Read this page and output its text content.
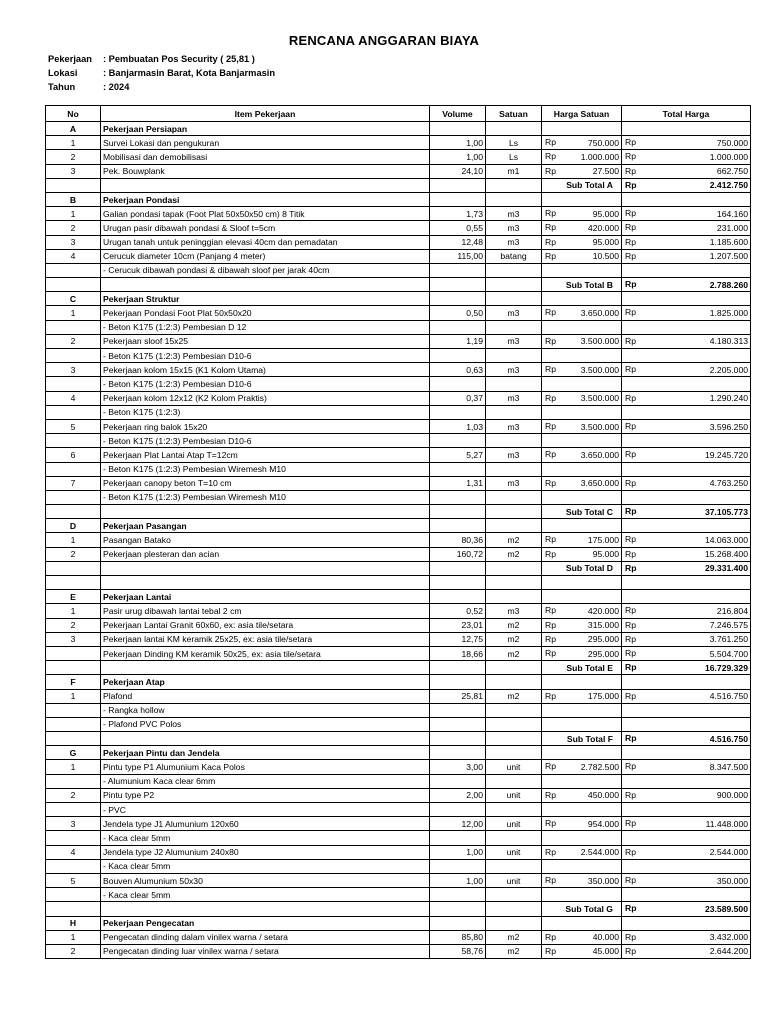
RENCANA ANGGARAN BIAYA
Pekerjaan	: Pembuatan Pos Security ( 25,81 )
Lokasi	: Banjarmasin Barat, Kota Banjarmasin
Tahun	: 2024
No	Item Pekerjaan	Volume	Satuan	Harga Satuan	Total Harga
A	Pekerjaan Persiapan				
1	Survei Lokasi dan pengukuran	1,00	Ls	Rp 750.000	Rp 750.000
2	Mobilisasi dan demobilisasi	1,00	Ls	Rp 1.000.000	Rp 1.000.000
3	Pek. Bouwplank	24,10	m1	Rp 27.500	Rp 662.750
				Sub Total A	Rp 2.412.750
B	Pekerjaan Pondasi				
1	Galian pondasi tapak (Foot Plat 50x50x50 cm) 8 Titik	1,73	m3	Rp 95.000	Rp 164.160
2	Urugan pasir dibawah pondasi & Sloof t=5cm	0,55	m3	Rp 420.000	Rp 231.000
3	Urugan tanah untuk peninggian elevasi 40cm dan pemadatan	12,48	m3	Rp 95.000	Rp 1.185.600
4	Cerucuk diameter 10cm (Panjang 4 meter)	115,00	batang	Rp 10.500	Rp 1.207.500
	- Cerucuk dibawah pondasi & dibawah sloof per jarak 40cm				
				Sub Total B	Rp 2.788.260
C	Pekerjaan Struktur				
1	Pekerjaan Pondasi Foot Plat 50x50x20	0,50	m3	Rp 3.650.000	Rp 1.825.000
	- Beton K175 (1:2:3) Pembesian D 12				
2	Pekerjaan sloof 15x25	1,19	m3	Rp 3.500.000	Rp 4.180.313
	- Beton K175 (1:2:3) Pembesian D10-6				
3	Pekerjaan kolom 15x15 (K1 Kolom Utama)	0,63	m3	Rp 3.500.000	Rp 2.205.000
	- Beton K175 (1:2:3) Pembesian D10-6				
4	Pekerjaan kolom 12x12 (K2 Kolom Praktis)	0,37	m3	Rp 3.500.000	Rp 1.290.240
	- Beton K175 (1:2:3)				
5	Pekerjaan ring balok 15x20	1,03	m3	Rp 3.500.000	Rp 3.596.250
	- Beton K175 (1:2:3) Pembesian D10-6				
6	Pekerjaan Plat Lantai Atap T=12cm	5,27	m3	Rp 3.650.000	Rp 19.245.720
	- Beton K175 (1:2:3) Pembesian Wiremesh M10				
7	Pekerjaan canopy beton T=10 cm	1,31	m3	Rp 3.650.000	Rp 4.763.250
	- Beton K175 (1:2:3) Pembesian Wiremesh M10				
				Sub Total C	Rp 37.105.773
D	Pekerjaan Pasangan				
1	Pasangan Batako	80,36	m2	Rp 175.000	Rp 14.063.000
2	Pekerjaan plesteran dan acian	160,72	m2	Rp 95.000	Rp 15.268.400
				Sub Total D	Rp 29.331.400

E	Pekerjaan Lantai				
1	Pasir urug dibawah lantai tebal 2 cm	0,52	m3	Rp 420.000	Rp 216.804
2	Pekerjaan Lantai Granit 60x60, ex: asia tile/setara	23,01	m2	Rp 315.000	Rp 7.246.575
3	Pekerjaan lantai KM keramik 25x25, ex: asia tile/setara	12,75	m2	Rp 295.000	Rp 3.761.250
	Pekerjaan Dinding KM keramik 50x25, ex: asia tile/setara	18,66	m2	Rp 295.000	Rp 5.504.700
				Sub Total E	Rp 16.729.329
F	Pekerjaan Atap				
1	Plafond	25,81	m2	Rp 175.000	Rp 4.516.750
	- Rangka hollow				
	- Plafond PVC Polos				
				Sub Total F	Rp 4.516.750
G	Pekerjaan Pintu dan Jendela				
1	Pintu type P1 Alumunium Kaca Polos	3,00	unit	Rp 2.782.500	Rp 8.347.500
	- Alumunium Kaca clear 6mm				
2	Pintu type P2	2,00	unit	Rp 450.000	Rp 900.000
	- PVC				
3	Jendela type J1 Alumunium 120x60	12,00	unit	Rp 954.000	Rp 11.448.000
	- Kaca clear 5mm				
4	Jendela type J2 Alumunium 240x80	1,00	unit	Rp 2.544.000	Rp 2.544.000
	- Kaca clear 5mm				
5	Bouven Alumunium 50x30	1,00	unit	Rp 350.000	Rp 350.000
	- Kaca clear 5mm				
				Sub Total G	Rp 23.589.500
H	Pekerjaan Pengecatan				
1	Pengecatan dinding dalam vinilex warna / setara	85,80	m2	Rp 40.000	Rp 3.432.000
2	Pengecatan dinding luar vinilex warna / setara	58,76	m2	Rp 45.000	Rp 2.644.200
